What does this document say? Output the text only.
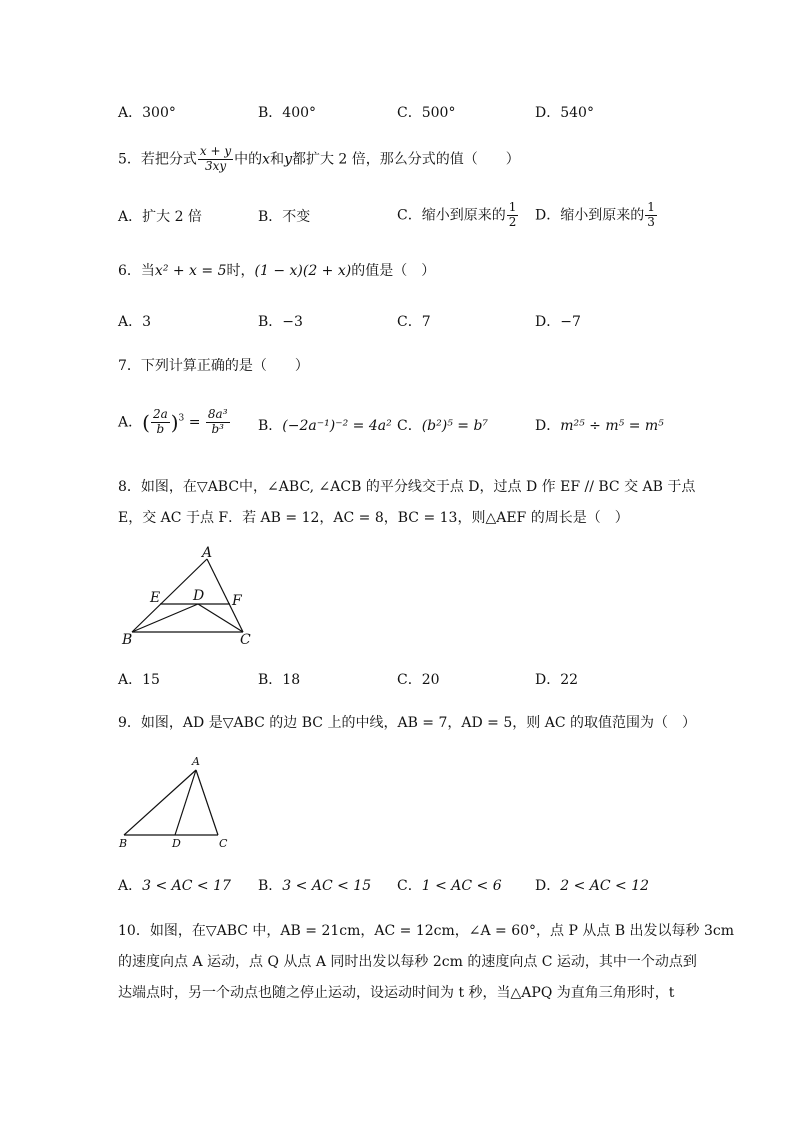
A．300°	B．400°	C．500°	D．540°
5．若把分式 $\frac{x + y}{3xy}$ 中的x和y都扩大 2 倍，那么分式的值（　　）
A．扩大 2 倍	B．不变	C．缩小到原来的 $\frac{1}{2}$ D．缩小到原来的 $\frac{1}{3}$
6．当x² + x = 5时，(1 − x)(2 + x)的值是（　）
A．3	B．−3	C．7	D．−7
7．下列计算正确的是（　　）
A．( $\frac{2a}{b} )^3 = \frac{\text{8a³}}{\text{b³}}$ B．(−2a⁻¹)⁻² = 4a² C．(b²)⁵ = b⁷	D．m²⁵ ÷ m⁵ = m⁵
8．如图，在▽ABC中，∠ABC, ∠ACB 的平分线交于点 D，过点 D 作 EF // BC 交 AB 于点
E，交 AC 于点 F．若 AB = 12，AC = 8，BC = 13，则△AEF 的周长是（　）
A
B	C
D
E	F
A．15	B．18	C．20	D．22
9．如图，AD 是▽ABC 的边 BC 上的中线，AB = 7，AD = 5，则 AC 的取值范围为（　）
A
B	C
D
A．3 < AC < 17 B．3 < AC < 15 C．1 < AC < 6 D．2 < AC < 12
10．如图，在▽ABC 中，AB = 21cm，AC = 12cm，∠A = 60°，点 P 从点 B 出发以每秒 3cm
的速度向点 A 运动，点 Q 从点 A 同时出发以每秒 2cm 的速度向点 C 运动，其中一个动点到
达端点时，另一个动点也随之停止运动，设运动时间为 t 秒，当△APQ 为直角三角形时，t
